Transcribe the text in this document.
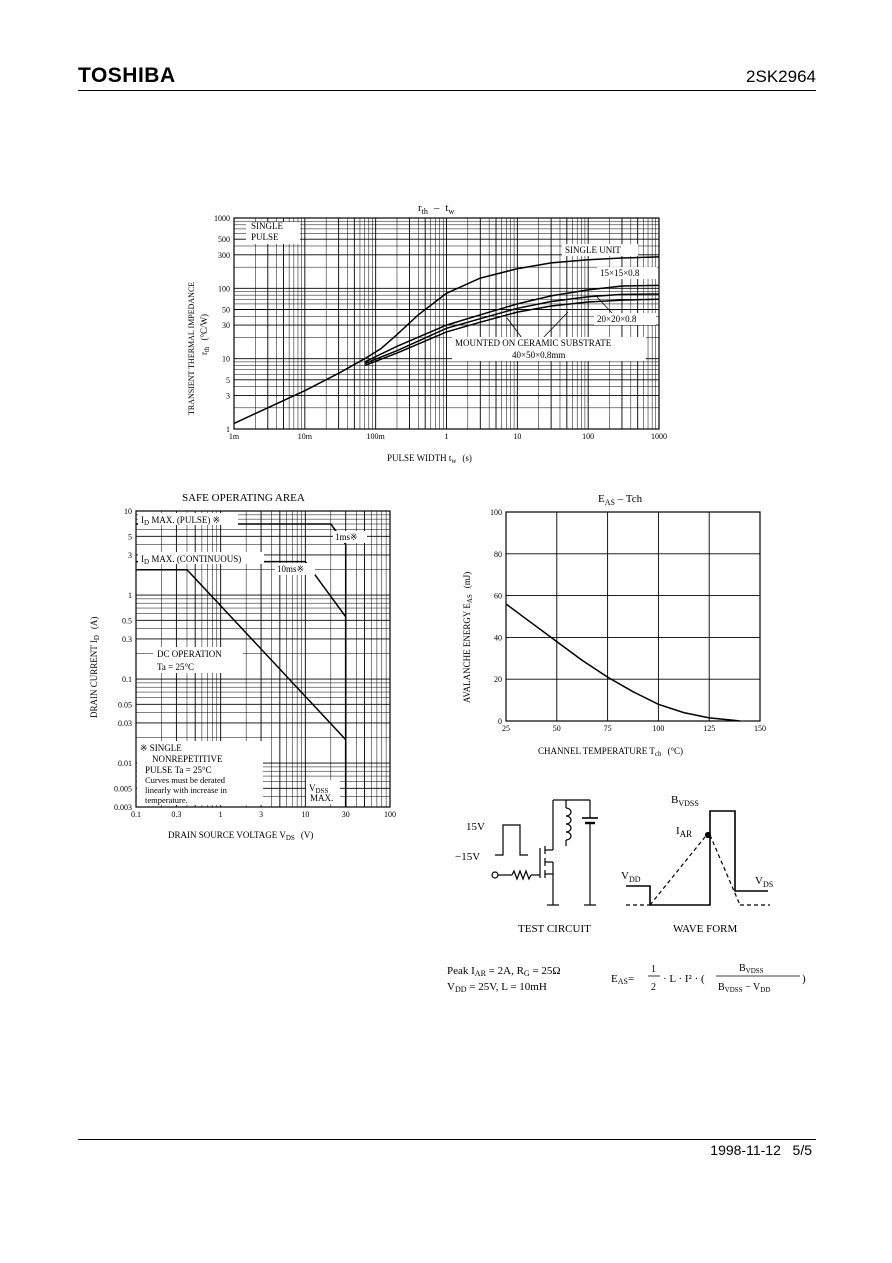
TOSHIBA	2SK2964
1998-11-12 5/5
$r_{th} - t_w$
1m	10m	100m	1	10	100	1000
1
3
5
10
30
50
100
300
500
1000
PULSE WIDTH $t_w$ (s)
TRANSIENT THERMAL IMPEDANCE $r_{th}(^\circ C/W)$
SINGLE
PULSE
SINGLE UNIT
15×15×0.8
20×20×0.8
MOUNTED ON CERAMIC SUBSTRATE
40×50×0.8mm
SAFE OPERATING AREA
0.1	0.3	1	3	10	30	100
10
5
3
1
0.5
0.3
0.1
0.05
0.03
0.01
0.005
0.003
DRAIN SOURCE VOLTAGE $V_{DS}$ (V)
DRAIN CURRENT $I_D(A)$
$I_D$ MAX. (PULSE) ※
$I_D$ MAX. (CONTINUOUS)
1ms※
10ms※
DC OPERATION
Ta = 25°C
※ SINGLE
NONREPETITIVE
PULSE Ta = 25°C
Curves must be derated
linearly with increase in
temperature.
$V_{DSS}$
MAX.
$E_{AS}$ – Tch
25	50	75	100	125	150
0
20
40
60
80
100
CHANNEL TEMPERATURE $T_{ch}$ (°C)
AVALANCHE ENERGY $E_{AS}(mJ)$
15V
−15V
TEST CIRCUIT
$B_{VDSS}$
$I_{AR}$
$V_{DD}$	$V_{DS}$
WAVE FORM
Peak IAR = 2A, RG = 25Ω
VDD = 25V, L = 10mH
EAS=
1
2
· L · I² · (
$B_{VDSS}$
$B_{VDSS} - V_{DD}$
)
